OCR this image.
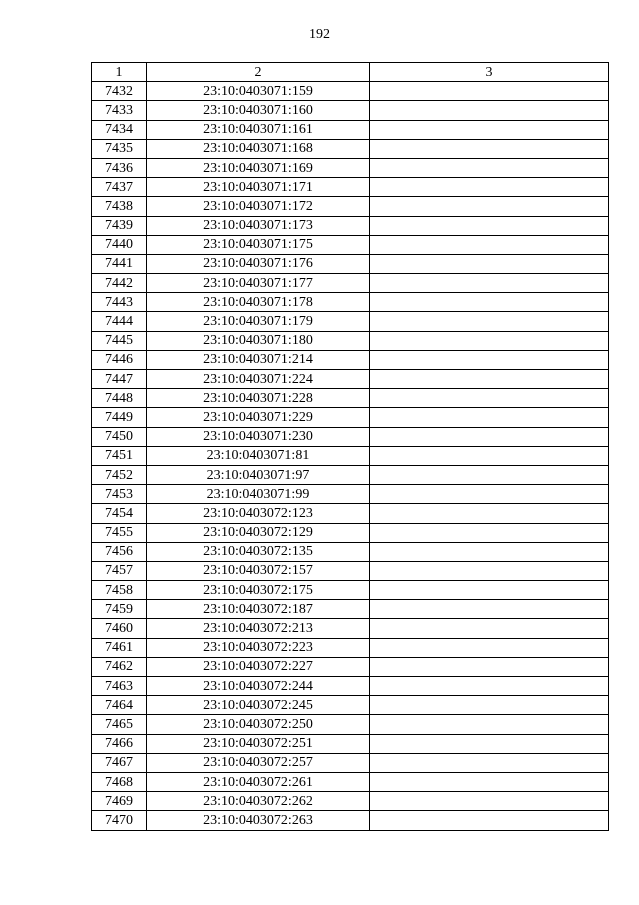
192
1	2	3
7432	23:10:0403071:159	
7433	23:10:0403071:160	
7434	23:10:0403071:161	
7435	23:10:0403071:168	
7436	23:10:0403071:169	
7437	23:10:0403071:171	
7438	23:10:0403071:172	
7439	23:10:0403071:173	
7440	23:10:0403071:175	
7441	23:10:0403071:176	
7442	23:10:0403071:177	
7443	23:10:0403071:178	
7444	23:10:0403071:179	
7445	23:10:0403071:180	
7446	23:10:0403071:214	
7447	23:10:0403071:224	
7448	23:10:0403071:228	
7449	23:10:0403071:229	
7450	23:10:0403071:230	
7451	23:10:0403071:81	
7452	23:10:0403071:97	
7453	23:10:0403071:99	
7454	23:10:0403072:123	
7455	23:10:0403072:129	
7456	23:10:0403072:135	
7457	23:10:0403072:157	
7458	23:10:0403072:175	
7459	23:10:0403072:187	
7460	23:10:0403072:213	
7461	23:10:0403072:223	
7462	23:10:0403072:227	
7463	23:10:0403072:244	
7464	23:10:0403072:245	
7465	23:10:0403072:250	
7466	23:10:0403072:251	
7467	23:10:0403072:257	
7468	23:10:0403072:261	
7469	23:10:0403072:262	
7470	23:10:0403072:263	
